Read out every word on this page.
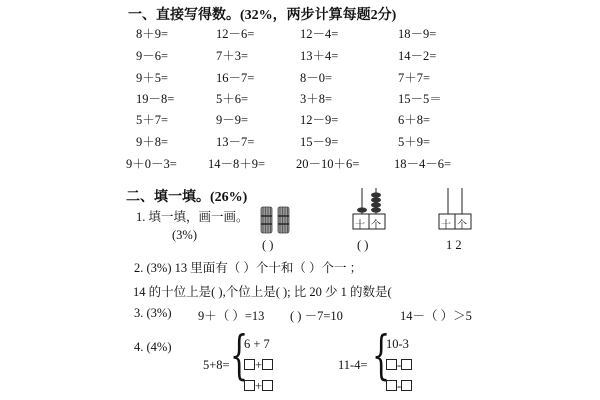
一、直接写得数。(32%，两步计算每题2分)
8＋9=	12－6=	12－4=	18－9=
9－6=	7＋3=	13＋4=	14－2=
9＋5=	16－7=	8－0=	7＋7=
19－8=	5＋6=	3＋8=	15－5＝
5＋7=	9－9=	12－9=	6＋8=
9＋8=	13－7=	15－9=	5＋9=
9＋0－3= 14－8＋9= 20－10＋6=	18－4－6=
二、填一填。(26%)
1. 填一填，画一画。
(3%)
( )
十 个
( )
十 个
1 2
2. (3%) 13 里面有（ ）个十和（ ）个一 ；
14 的十位上是( ),个位上是( ); 比 20 少 1 的数是(
3. (3%) 9＋（ ）=13 ( ) －7=10	14－（ ）＞5
4. (4%)
5+8= {
6 + 7
+
+
11-4= {
10-3
-
-
